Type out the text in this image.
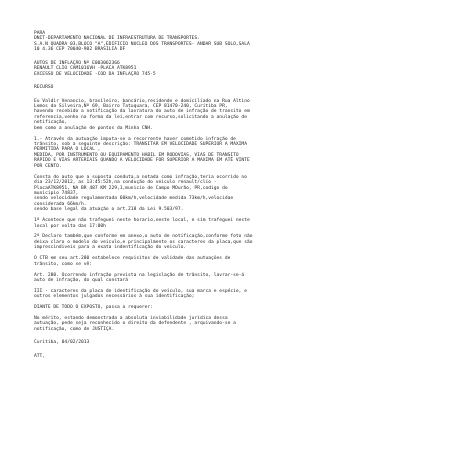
PARA
DNIT-DEPARTAMENTO NACIONAL DE INFRAESTRUTURA DE TRANSPORTES.
S.A.N QUADRA 03,BLOCO "A",EDIFICIO NUCLEO DOS TRANSPORTES- ANDAR SUB SOLO,SALA
10 4.36 CEP 70040-902 BRASILIA DF
AUTOS DE INFLAÇÃO Nº E003062366
RENAULT CLIO CAM1016VH -PLACA ATK8951
EXCESSO DE VELOCIDADE -COD DA INFLAÇÃO 745-5
RECURSO
Eu Valdir Venancio, brasileiro, bancário,residende e domiciliado na Rua Altino
Lemos da Silveira,Nº 69, Bairro Tatuquara, CEP 81470-240, Curitiba PR,
havendo recebido a notificação da lavratura do auto de infração de transito em
referencia,venho na forma da lei,entrar com recurso,solicitando a anulação de
notificação,
bem como a anulação de pontos da Minha CNH.
1.- Através da autuação imputa-se a recorrente haver cometido infração de
trânsito, sob a seguinte descrição: TRANSITAR EM VELOCIDADE SUPERIOR A MAXIMA
PERMITIDA PARA O LOCAL ,
MEDIDA, POR INSTRUMENTO OU EQUIPAMENTO HABIL EM RODOVIAS, VIAS DE TRANSITO
RÁPIDO E VIAS ARTERIAIS QUANDO A VELOCIDADE FOR SUPERIOR A MAXIMA EM ATÉ VINTE
POR CENTO.
Consta do auto que a suposta conduta,a notada como infração,teria ocorrido no
dia 23/12/2012, as 13:45:52h,na condução do veiculo renault/clio -
PlacaATK8951, NA BR 487 KM 229,1,municio de Campo MOurão, PR,codigo do
municipio 74837,
sendo velocidade regulamentada 60km/h,velocidade medida 73km/h,velocidae
considerada 66km/h.
sendo base legal da atuação o art.218 da Lei 9.503/97.
1º Acontece que não trafeguei neste horario,neste local, e sim trafeguei neste
local por volta das 17:00h
2º Declaro também,que conforme em anexo,o auto de notificação,conforme foto não
deixa claro o modelo do veiculo,e principalmente os caracteres da placa,que são
imprescindiveis para a exata indentificação do veiculo.
O CTB em seu art.280 estabelece requisitos de validade das autuações de
trânsito, como se vê:
Art. 280. Ocorrendo infração prevista na legislação de trânsito, lavrar-se-á
auto de infração, do qual constará
III - caracteres da placa de identificação do veículo, sua marca e espécie, e
outros elementos julgados necessários à sua identificação;
DIANTE DE TODO O EXPOSTO, passa a requerer:
No mérito, estando demonstrada a absoluta inviabilidade jurídica dessa
autuação, pede seja reconhecido o direito da defendente , arquivando-se a
notificação, como de JUSTIÇA.
Curitiba, 04/02/2013
ATT,
